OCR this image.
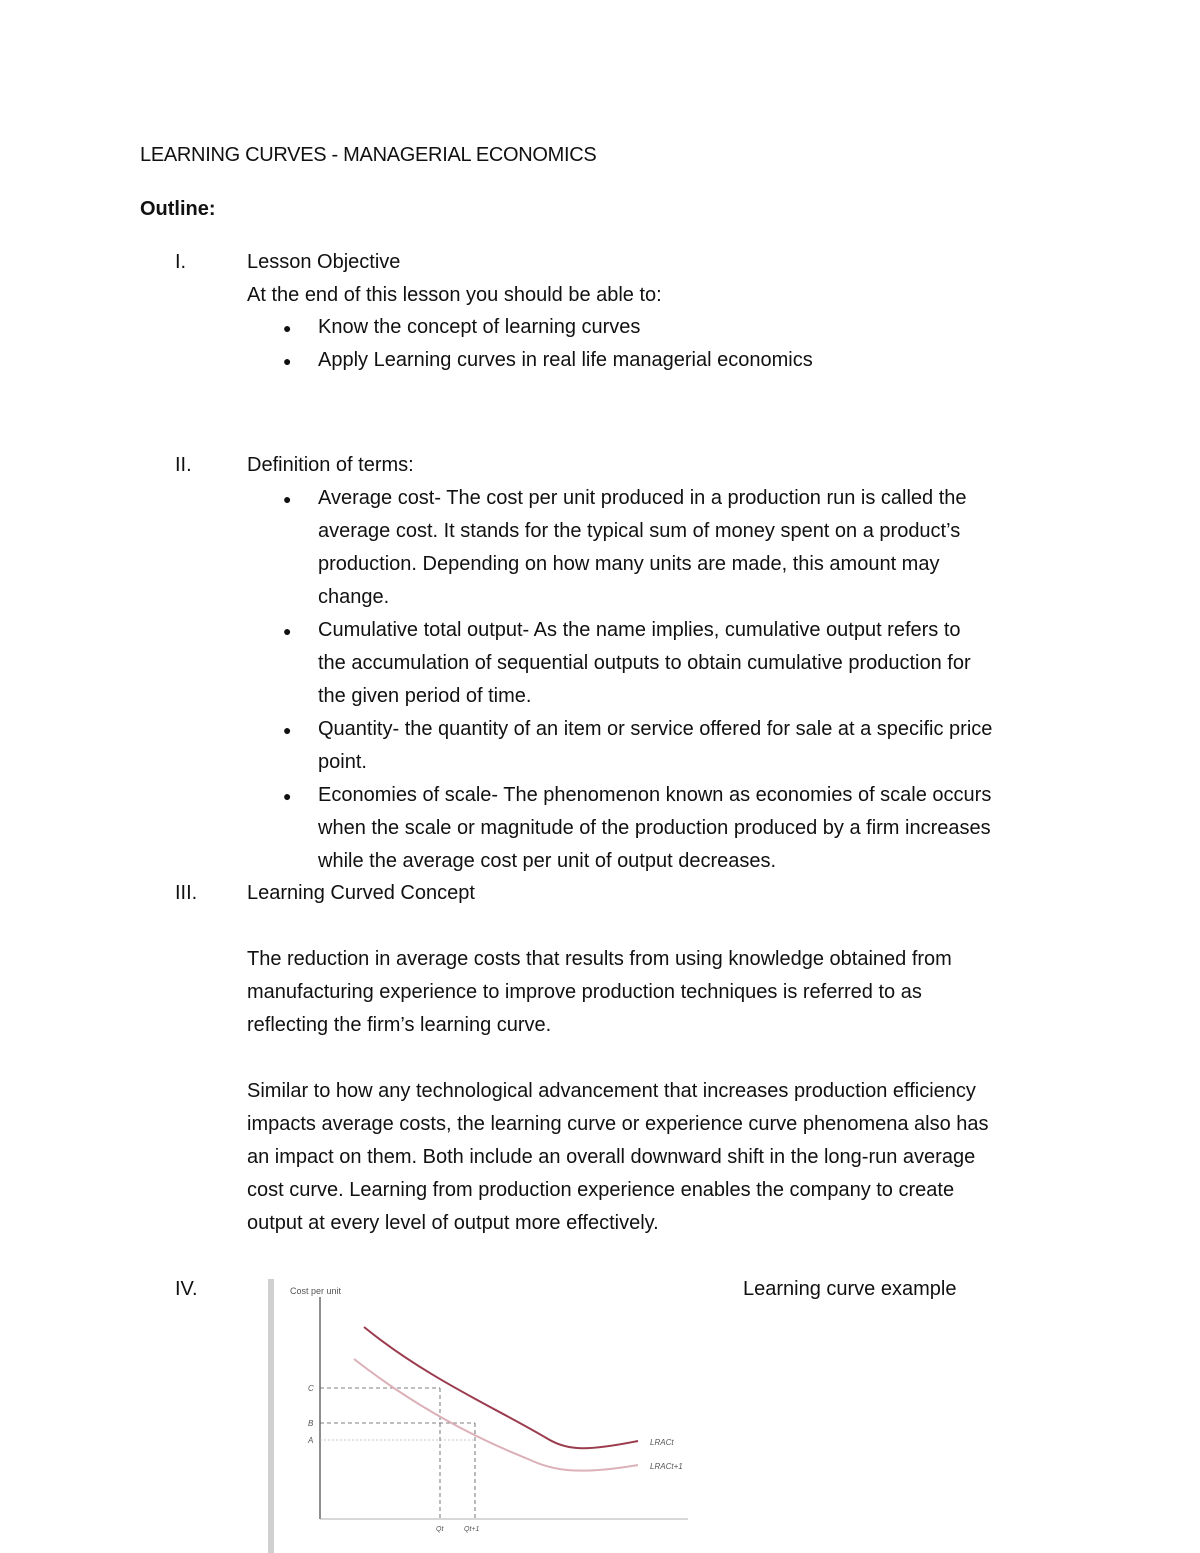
LEARNING CURVES - MANAGERIAL ECONOMICS
Outline:
I.	Lesson Objective
At the end of this lesson you should be able to:
● Know the concept of learning curves
● Apply Learning curves in real life managerial economics
II.	Definition of terms:
● Average cost- The cost per unit produced in a production run is called the
average cost. It stands for the typical sum of money spent on a product’s
production. Depending on how many units are made, this amount may
change.
● Cumulative total output- As the name implies, cumulative output refers to
the accumulation of sequential outputs to obtain cumulative production for
the given period of time.
● Quantity- the quantity of an item or service offered for sale at a specific price
point.
● Economies of scale- The phenomenon known as economies of scale occurs
when the scale or magnitude of the production produced by a firm increases
while the average cost per unit of output decreases.
III. Learning Curved Concept
The reduction in average costs that results from using knowledge obtained from
manufacturing experience to improve production techniques is referred to as
reflecting the firm’s learning curve.
Similar to how any technological advancement that increases production efficiency
impacts average costs, the learning curve or experience curve phenomena also has
an impact on them. Both include an overall downward shift in the long-run average
cost curve. Learning from production experience enables the company to create
output at every level of output more effectively.
IV.	Learning curve example
Cost per unit
C
B
A
Qt	Qt+1
LRACt
LRACt+1
